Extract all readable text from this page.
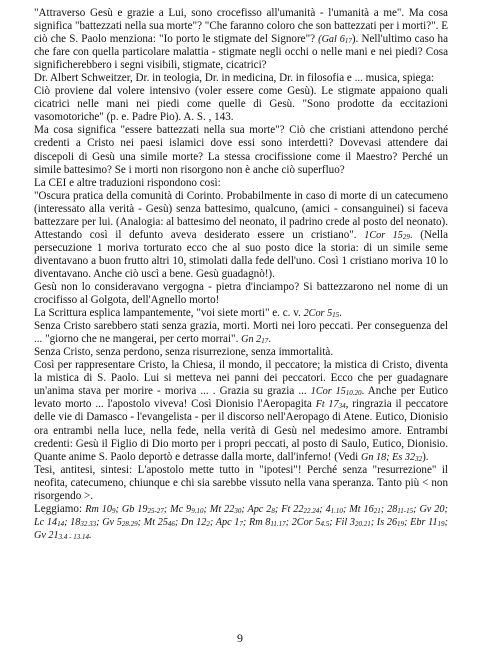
"Attraverso Gesù e grazie a Lui, sono crocefisso all'umanità - l'umanità a me". Ma cosa significa "battezzati nella sua morte"? "Che faranno coloro che son battezzati per i morti?". E ciò che S. Paolo menziona: "Io porto le stigmate del Signore"? (Gal $6_{17}$). Nell'ultimo caso ha che fare con quella particolare malattia - stigmate negli occhi o nelle mani e nei piedi? Cosa significherebbero i segni visibili, stigmate, cicatrici?

Dr. Albert Schweitzer, Dr. in teologia, Dr. in medicina, Dr. in filosofia e ... musica, spiega:

Ciò proviene dal volere intensivo (voler essere come Gesù). Le stigmate appaiono quali cicatrici nelle mani nei piedi come quelle di Gesù. "Sono prodotte da eccitazioni vasomotoriche" (p. e. Padre Pio). A. S. , 143.

Ma cosa significa "essere battezzati nella sua morte"? Ciò che cristiani attendono perché credenti a Cristo nei paesi islamici dove essi sono interdetti? Dovevasi attendere dai discepoli di Gesù una simile morte? La stessa crocifissione come il Maestro? Perché un simile battesimo? Se i morti non risorgono non è anche ciò superfluo?

La CEI e altre traduzioni rispondono così:

"Oscura pratica della comunità di Corinto. Probabilmente in caso di morte di un catecumeno (interessato alla verità - Gesù) senza battesimo, qualcuno, (amici - consanguinei) si faceva battezzare per lui. (Analogia: al battesimo del neonato, il padrino crede al posto del neonato). Attestando così il defunto aveva desiderato essere un cristiano". 1Cor $15_{29}$. (Nella persecuzione 1 moriva torturato ecco che al suo posto dice la storia: di un simile seme diventavano a buon frutto altri 10, stimolati dalla fede dell'uno. Così 1 cristiano moriva 10 lo diventavano. Anche ciò uscì a bene. Gesù guadagnò!).

Gesù non lo consideravano vergogna - pietra d'inciampo? Si battezzarono nel nome di un crocifisso al Golgota, dell'Agnello morto!

La Scrittura esplica lampantemente, "voi siete morti" e. c. v. 2Cor $5_{15}$.

Senza Cristo sarebbero stati senza grazia, morti. Morti nei loro peccati. Per conseguenza del ... "giorno che ne mangerai, per certo morrai". Gn $2_{17}$.

Senza Cristo, senza perdono, senza risurrezione, senza immortalità.

Così per rappresentare Cristo, la Chiesa, il mondo, il peccatore; la mistica di Cristo, diventa la mistica di S. Paolo. Lui si metteva nei panni dei peccatori. Ecco che per guadagnare un'anima stava per morire - moriva ... . Grazia su grazia ... 1Cor $15_{10.20}$. Anche per Eutico levato morto ... l'apostolo viveva! Così Dionisio l'Aeropagita Ft $17_{34}$, ringrazia il peccatore delle vie di Damasco - l'evangelista - per il discorso nell'Aeropago di Atene. Eutico, Dionisio ora entrambi nella luce, nella fede, nella verità di Gesù nel medesimo amore. Entrambi credenti: Gesù il Figlio di Dio morto per i propri peccati, al posto di Saulo, Eutico, Dionisio. Quante anime S. Paolo deportò e detrasse dalla morte, dall'inferno! (Vedi Gn 18; Es $32_{32}$).

Tesi, antitesi, sintesi: L'apostolo mette tutto in "ipotesi"! Perché senza "resurrezione" il neofita, catecumeno, chiunque e chi sia sarebbe vissuto nella vana speranza. Tanto più < non risorgendo >.

Leggiamo: Rm $10_9$; Gb $19_{25-27}$; Mc $9_{9.10}$; Mt $22_{30}$; Apc $2_8$; Ft $22_{22.24}$; $4_{1.10}$; Mt $16_{21}$; $28_{11-15}$; Gv 20; Lc $14_{14}$; $18_{32.33}$; Gv $5_{28.29}$; Mt $25_{46}$; Dn $12_2$; Apc $1_7$; Rm $8_{11.17}$; 2Cor $5_{4.5}$; Fil $3_{20.21}$; Is $26_{19}$; Ebr $11_{19}$; Gv $21_{3.4 - 13.14}$.

9
